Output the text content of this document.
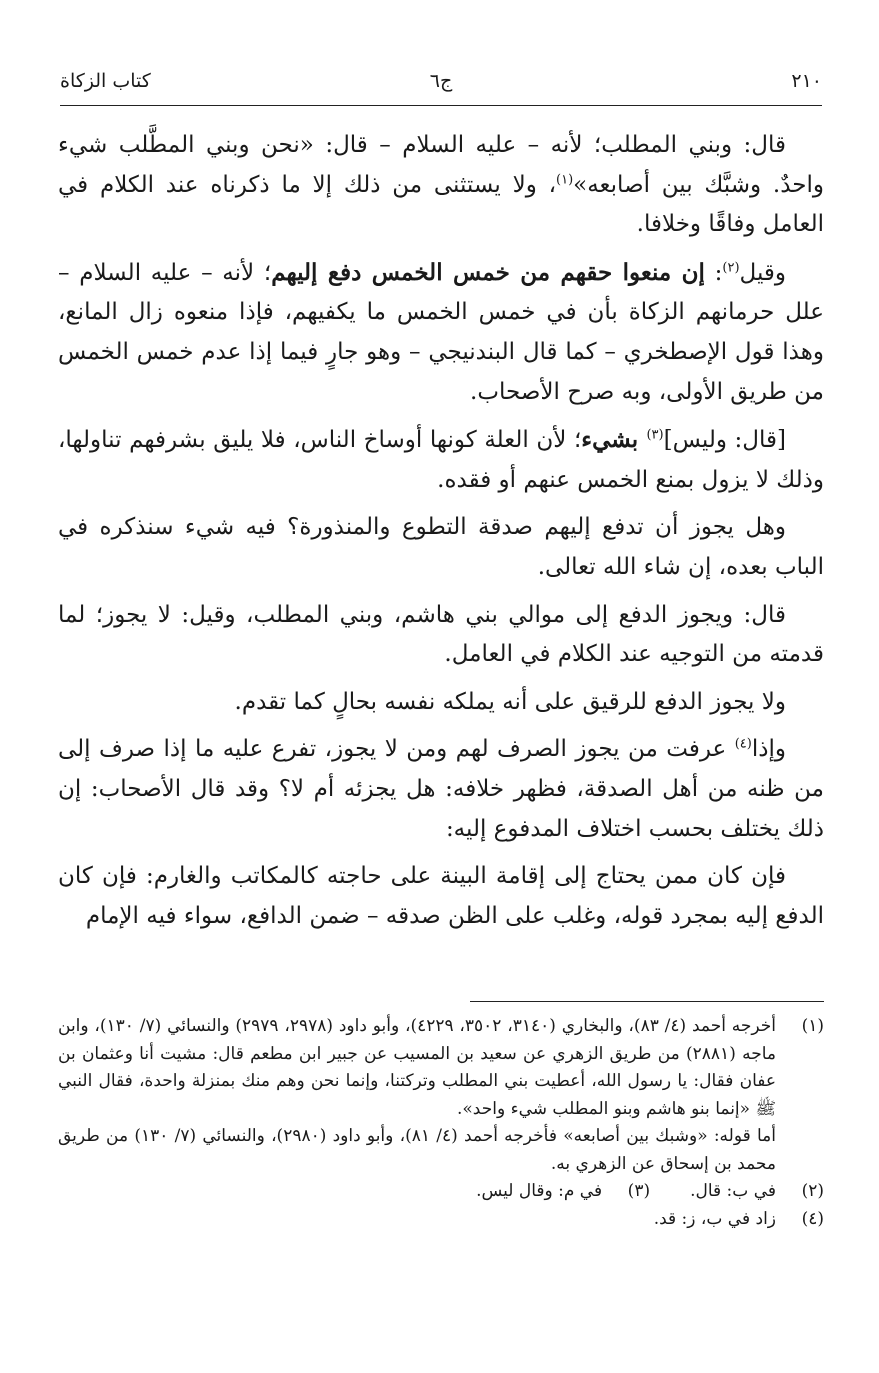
٢١٠
ج٦
كتاب الزكاة

قال: وبني المطلب؛ لأنه – عليه السلام – قال: «نحن وبني المطَّلب شيء واحدٌ. وشبَّك بين أصابعه»$^{(١)}$، ولا يستثنى من ذلك إلا ما ذكرناه عند الكلام في العامل وفاقًا وخلافا.

وقيل$^{(٢)}$: إن منعوا حقهم من خمس الخمس دفع إليهم؛ لأنه – عليه السلام – علل حرمانهم الزكاة بأن في خمس الخمس ما يكفيهم، فإذا منعوه زال المانع، وهذا قول الإصطخري – كما قال البندنيجي – وهو جارٍ فيما إذا عدم خمس الخمس من طريق الأولى، وبه صرح الأصحاب.

[قال: وليس]$^{(٣)}$ بشيء؛ لأن العلة كونها أوساخ الناس، فلا يليق بشرفهم تناولها، وذلك لا يزول بمنع الخمس عنهم أو فقده.

وهل يجوز أن تدفع إليهم صدقة التطوع والمنذورة؟ فيه شيء سنذكره في الباب بعده، إن شاء الله تعالى.

قال: ويجوز الدفع إلى موالي بني هاشم، وبني المطلب، وقيل: لا يجوز؛ لما قدمته من التوجيه عند الكلام في العامل.

ولا يجوز الدفع للرقيق على أنه يملكه نفسه بحالٍ كما تقدم.

وإذا$^{(٤)}$ عرفت من يجوز الصرف لهم ومن لا يجوز، تفرع عليه ما إذا صرف إلى من ظنه من أهل الصدقة، فظهر خلافه: هل يجزئه أم لا؟ وقد قال الأصحاب: إن ذلك يختلف بحسب اختلاف المدفوع إليه:

فإن كان ممن يحتاج إلى إقامة البينة على حاجته كالمكاتب والغارم: فإن كان الدفع إليه بمجرد قوله، وغلب على الظن صدقه – ضمن الدافع، سواء فيه الإمام

(١)
أخرجه أحمد (٤/ ٨٣)، والبخاري (٣١٤٠، ٣٥٠٢، ٤٢٢٩)، وأبو داود (٢٩٧٨، ٢٩٧٩) والنسائي (٧/ ١٣٠)، وابن ماجه (٢٨٨١) من طريق الزهري عن سعيد بن المسيب عن جبير ابن مطعم قال: مشيت أنا وعثمان بن عفان فقال: يا رسول الله، أعطيت بني المطلب وتركتنا، وإنما نحن وهم منك بمنزلة واحدة، فقال النبي ﷺ «إنما بنو هاشم وبنو المطلب شيء واحد».
أما قوله: «وشبك بين أصابعه» فأخرجه أحمد (٤/ ٨١)، وأبو داود (٢٩٨٠)، والنسائي (٧/ ١٣٠) من طريق محمد بن إسحاق عن الزهري به.
(٢)
في ب: قال.
(٣)
في م: وقال ليس.
(٤)
زاد في ب، ز: قد.
